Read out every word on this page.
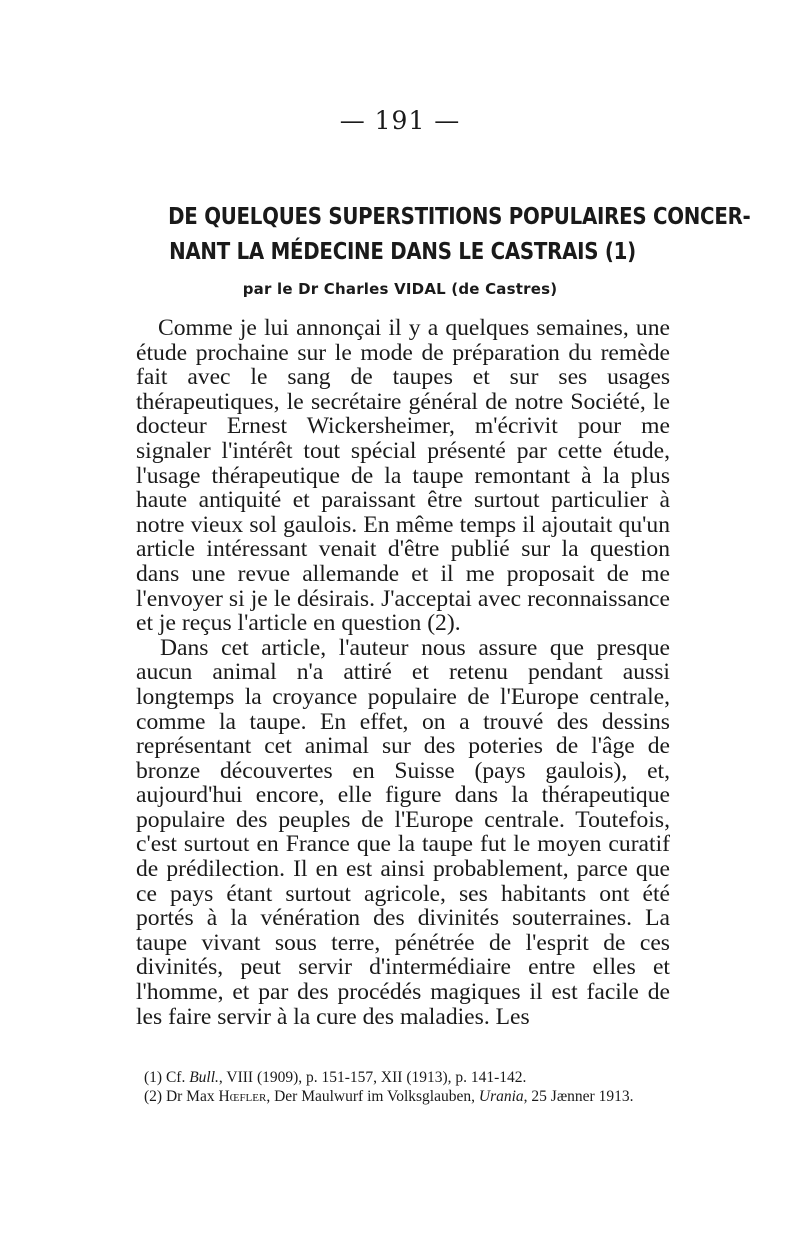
— 191 —
DE QUELQUES SUPERSTITIONS POPULAIRES CONCER-
NANT LA MÉDECINE DANS LE CASTRAIS (1)
par le Dr Charles VIDAL (de Castres)

Comme je lui annonçai il y a quelques semaines, une étude prochaine sur le mode de préparation du remède fait avec le sang de taupes et sur ses usages thérapeutiques, le secrétaire général de notre Société, le docteur Ernest Wickersheimer, m'écrivit pour me signaler l'intérêt tout spécial présenté par cette étude, l'usage thérapeutique de la taupe remontant à la plus haute antiquité et paraissant être surtout particulier à notre vieux sol gaulois. En même temps il ajoutait qu'un article intéressant venait d'être publié sur la question dans une revue allemande et il me proposait de me l'envoyer si je le désirais. J'acceptai avec reconnaissance et je reçus l'article en question (2).

Dans cet article, l'auteur nous assure que presque aucun animal n'a attiré et retenu pendant aussi longtemps la croyance populaire de l'Europe centrale, comme la taupe. En effet, on a trouvé des dessins représentant cet animal sur des poteries de l'âge de bronze découvertes en Suisse (pays gaulois), et, aujourd'hui encore, elle figure dans la thérapeutique populaire des peuples de l'Europe centrale. Toutefois, c'est surtout en France que la taupe fut le moyen curatif de prédilection. Il en est ainsi probablement, parce que ce pays étant surtout agricole, ses habitants ont été portés à la vénération des divinités souterraines. La taupe vivant sous terre, pénétrée de l'esprit de ces divinités, peut servir d'intermédiaire entre elles et l'homme, et par des procédés magiques il est facile de les faire servir à la cure des maladies. Les

(1) Cf. Bull., VIII (1909), p. 151-157, XII (1913), p. 141-142.

(2) Dr Max Hœfler, Der Maulwurf im Volksglauben, Urania, 25 Jænner 1913.
